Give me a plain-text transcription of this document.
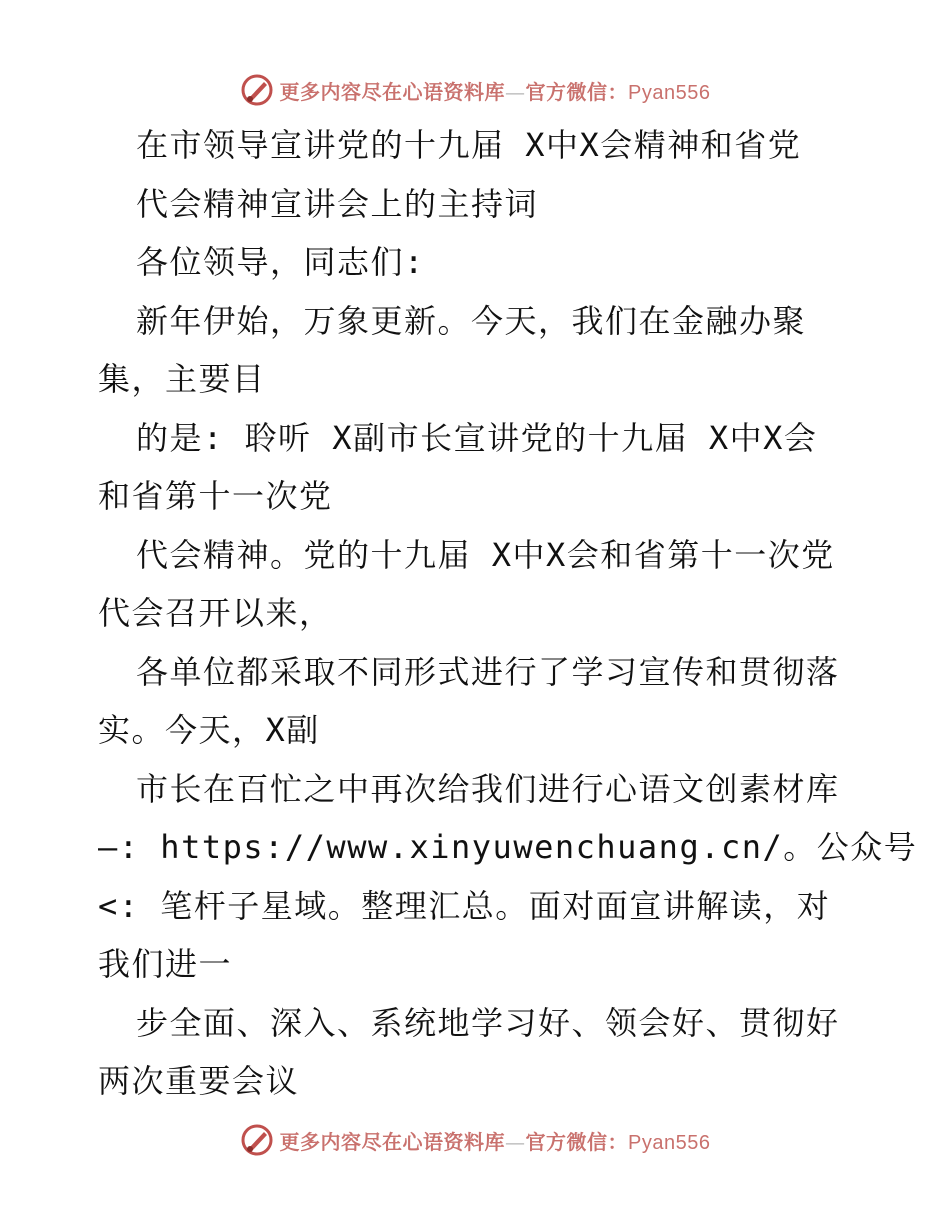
更多内容尽在心语资料库—官方微信：Pyan556
在市领导宣讲党的十九届 X中X会精神和省党
代会精神宣讲会上的主持词
各位领导，同志们:
新年伊始，万象更新。今天，我们在金融办聚
集，主要目
的是: 聆听 X副市长宣讲党的十九届 X中X会
和省第十一次党
代会精神。党的十九届 X中X会和省第十一次党
代会召开以来，
各单位都采取不同形式进行了学习宣传和贯彻落
实。今天，X副
市长在百忙之中再次给我们进行心语文创素材库
—: https://www.xinyuwenchuang.cn/。公众号
<: 笔杆子星域。整理汇总。面对面宣讲解读，对
我们进一
步全面、深入、系统地学习好、领会好、贯彻好
两次重要会议
更多内容尽在心语资料库—官方微信：Pyan556
